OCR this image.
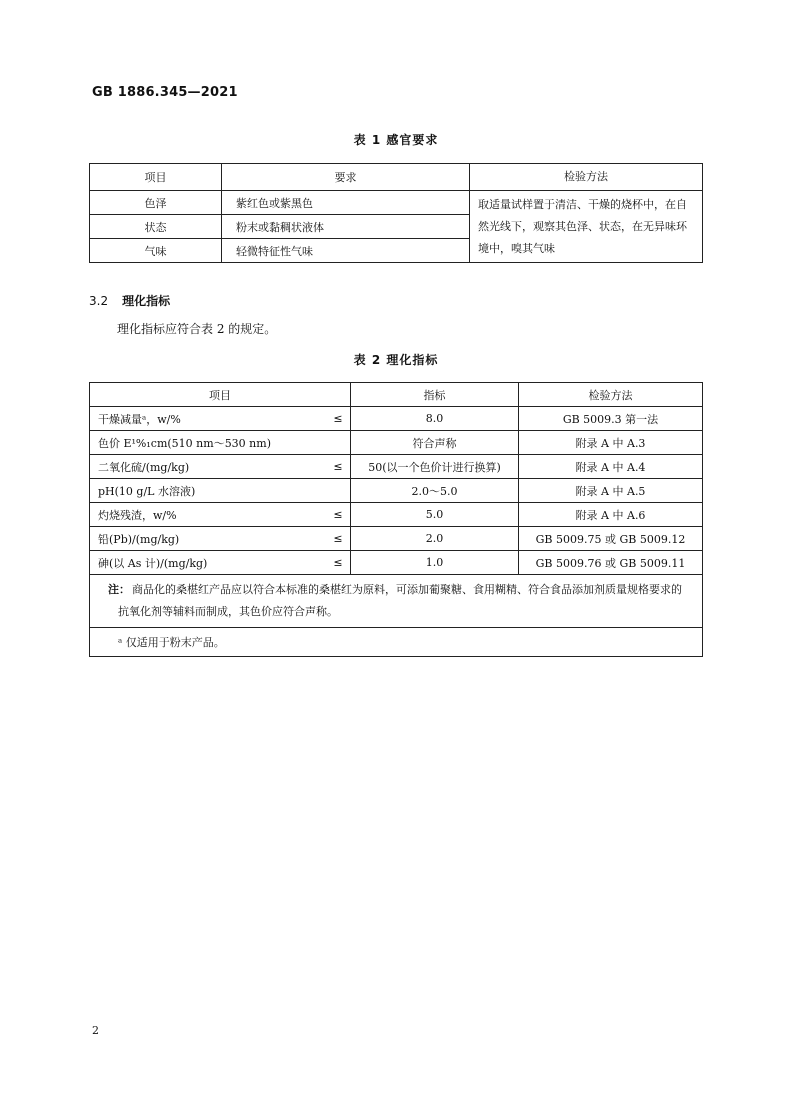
GB 1886.345—2021
表 1 感官要求
项目	要求	检验方法
色泽	紫红色或紫黑色	取适量试样置于清洁、干燥的烧杯中，在自然光线下，观察其色泽、状态，在无异味环境中，嗅其气味
状态	粉末或黏稠状液体	
气味	轻微特征性气味	
3.2 理化指标
理化指标应符合表 2 的规定。
表 2 理化指标
项目		指标	检验方法
干燥减量ᵃ，w/%	≤	8.0	GB 5009.3 第一法
色价 E¹%₁cm(510 nm～530 nm)		符合声称	附录 A 中 A.3
二氧化硫/(mg/kg)	≤	50(以一个色价计进行换算)	附录 A 中 A.4
pH(10 g/L 水溶液)		2.0～5.0	附录 A 中 A.5
灼烧残渣，w/%	≤	5.0	附录 A 中 A.6
铅(Pb)/(mg/kg)	≤	2.0	GB 5009.75 或 GB 5009.12
砷(以 As 计)/(mg/kg)	≤	1.0	GB 5009.76 或 GB 5009.11
注： 商品化的桑椹红产品应以符合本标准的桑椹红为原料，可添加葡聚糖、食用糊精、符合食品添加剂质量规格要求的抗氧化剂等辅料而制成，其色价应符合声称。			
ᵃ 仅适用于粉末产品。			
2
